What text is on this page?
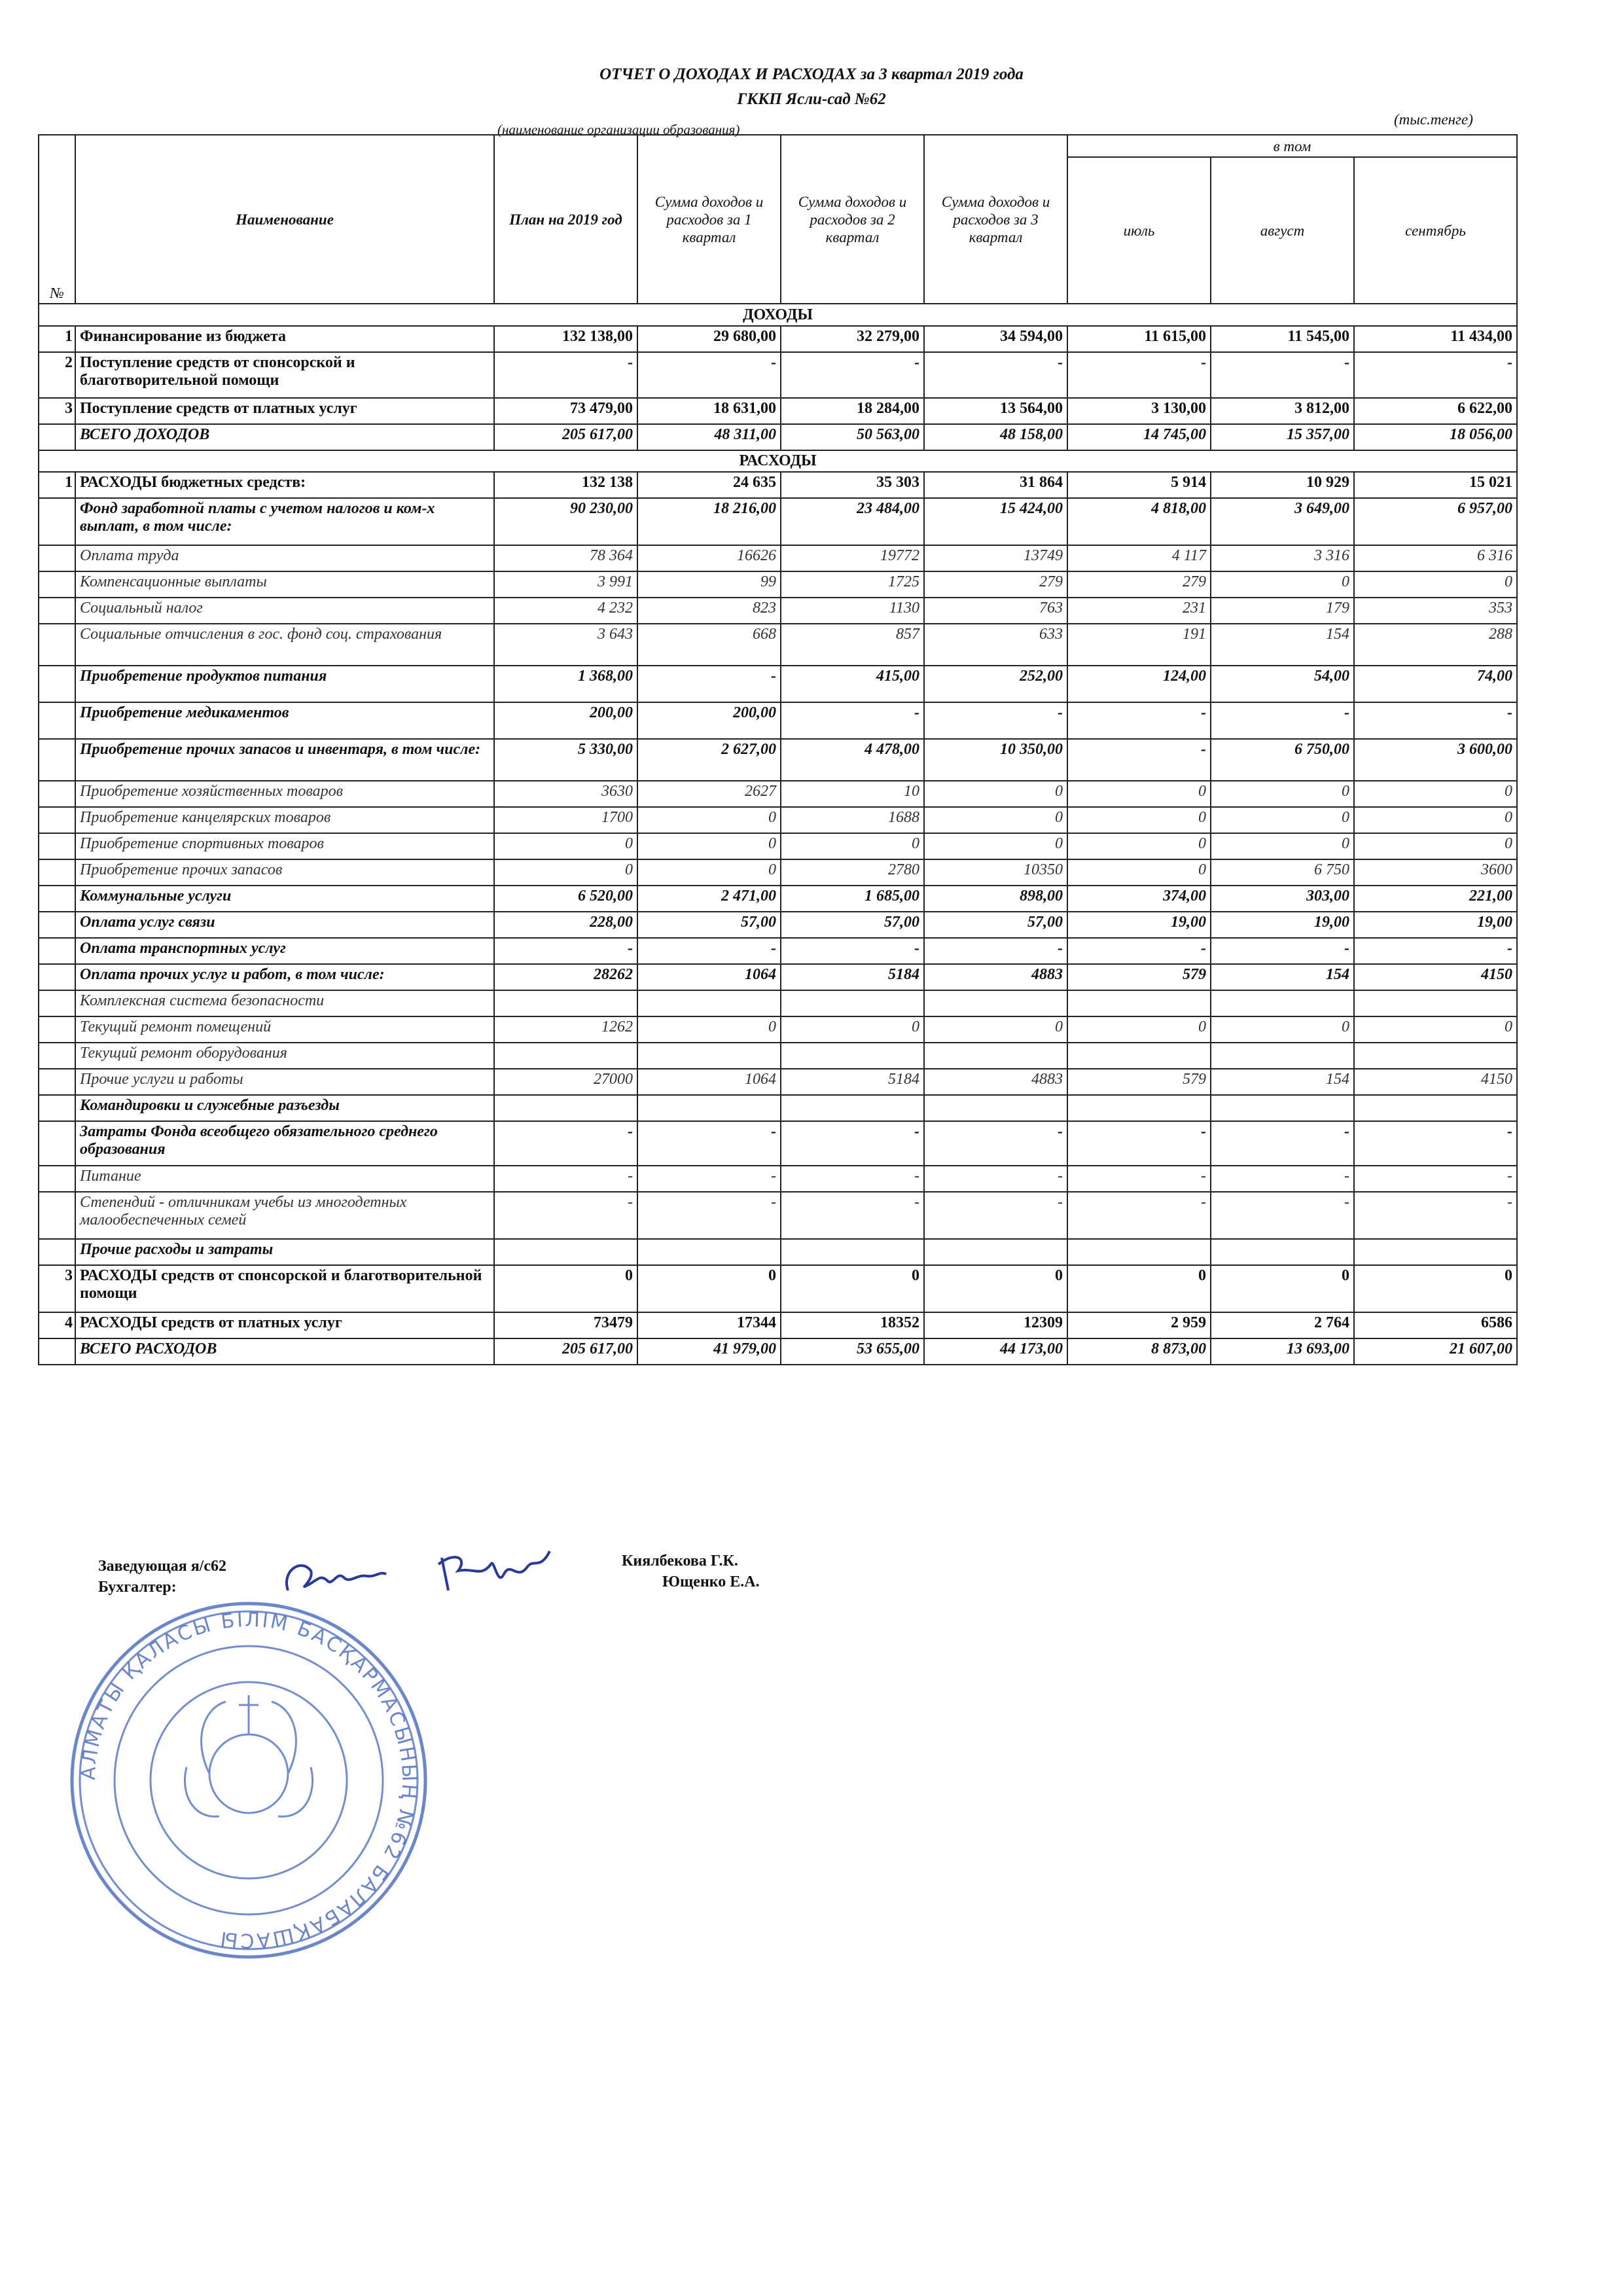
ОТЧЕТ О ДОХОДАХ И РАСХОДАХ за 3 квартал 2019 года
ГККП Ясли-сад №62
(тыс.тенге)
(наименование организации образования)
№	Наименование	План на 2019 год	Сумма доходов и расходов за 1 квартал	Сумма доходов и расходов за 2 квартал	Сумма доходов и расходов за 3 квартал	в том		
						июль	август	сентябрь
ДОХОДЫ								
1	Финансирование из бюджета	132 138,00	29 680,00	32 279,00	34 594,00	11 615,00	11 545,00	11 434,00
2	Поступление средств от спонсорской и благотворительной помощи	-	-	-	-	-	-	-
3	Поступление средств от платных услуг	73 479,00	18 631,00	18 284,00	13 564,00	3 130,00	3 812,00	6 622,00
	ВСЕГО ДОХОДОВ	205 617,00	48 311,00	50 563,00	48 158,00	14 745,00	15 357,00	18 056,00
РАСХОДЫ								
1	РАСХОДЫ бюджетных средств:	132 138	24 635	35 303	31 864	5 914	10 929	15 021
	Фонд заработной платы с учетом налогов и ком-х выплат, в том числе:	90 230,00	18 216,00	23 484,00	15 424,00	4 818,00	3 649,00	6 957,00
	Оплата труда	78 364	16626	19772	13749	4 117	3 316	6 316
	Компенсационные выплаты	3 991	99	1725	279	279	0	0
	Социальный налог	4 232	823	1130	763	231	179	353
	Социальные отчисления в гос. фонд соц. страхования	3 643	668	857	633	191	154	288
	Приобретение продуктов питания	1 368,00	-	415,00	252,00	124,00	54,00	74,00
	Приобретение медикаментов	200,00	200,00	-	-	-	-	-
	Приобретение прочих запасов и инвентаря, в том числе:	5 330,00	2 627,00	4 478,00	10 350,00	-	6 750,00	3 600,00
	Приобретение хозяйственных товаров	3630	2627	10	0	0	0	0
	Приобретение канцелярских товаров	1700	0	1688	0	0	0	0
	Приобретение спортивных товаров	0	0	0	0	0	0	0
	Приобретение прочих запасов	0	0	2780	10350	0	6 750	3600
	Коммунальные услуги	6 520,00	2 471,00	1 685,00	898,00	374,00	303,00	221,00
	Оплата услуг связи	228,00	57,00	57,00	57,00	19,00	19,00	19,00
	Оплата транспортных услуг	-	-	-	-	-	-	-
	Оплата прочих услуг и работ, в том числе:	28262	1064	5184	4883	579	154	4150
	Комплексная система безопасности							
	Текущий ремонт помещений	1262	0	0	0	0	0	0
	Текущий ремонт оборудования							
	Прочие услуги и работы	27000	1064	5184	4883	579	154	4150
	Командировки и служебные разъезды							
	Затраты Фонда всеобщего обязательного среднего образования	-	-	-	-	-	-	-
	Питание	-	-	-	-	-	-	-
	Степендий - отличникам учебы из многодетных малообеспеченных семей	-	-	-	-	-	-	-
	Прочие расходы и затраты							
3	РАСХОДЫ средств от спонсорской и благотворительной помощи	0	0	0	0	0	0	0
4	РАСХОДЫ средств от платных услуг	73479	17344	18352	12309	2 959	2 764	6586
	ВСЕГО РАСХОДОВ	205 617,00	41 979,00	53 655,00	44 173,00	8 873,00	13 693,00	21 607,00
Заведующая я/с62
Бухгалтер:
Киялбекова Г.К.
Ющенко Е.А.
АЛМАТЫ ҚАЛАСЫ БІЛІМ БАСҚАРМАСЫНЫҢ №62 БАЛАБАҚШАСЫ
